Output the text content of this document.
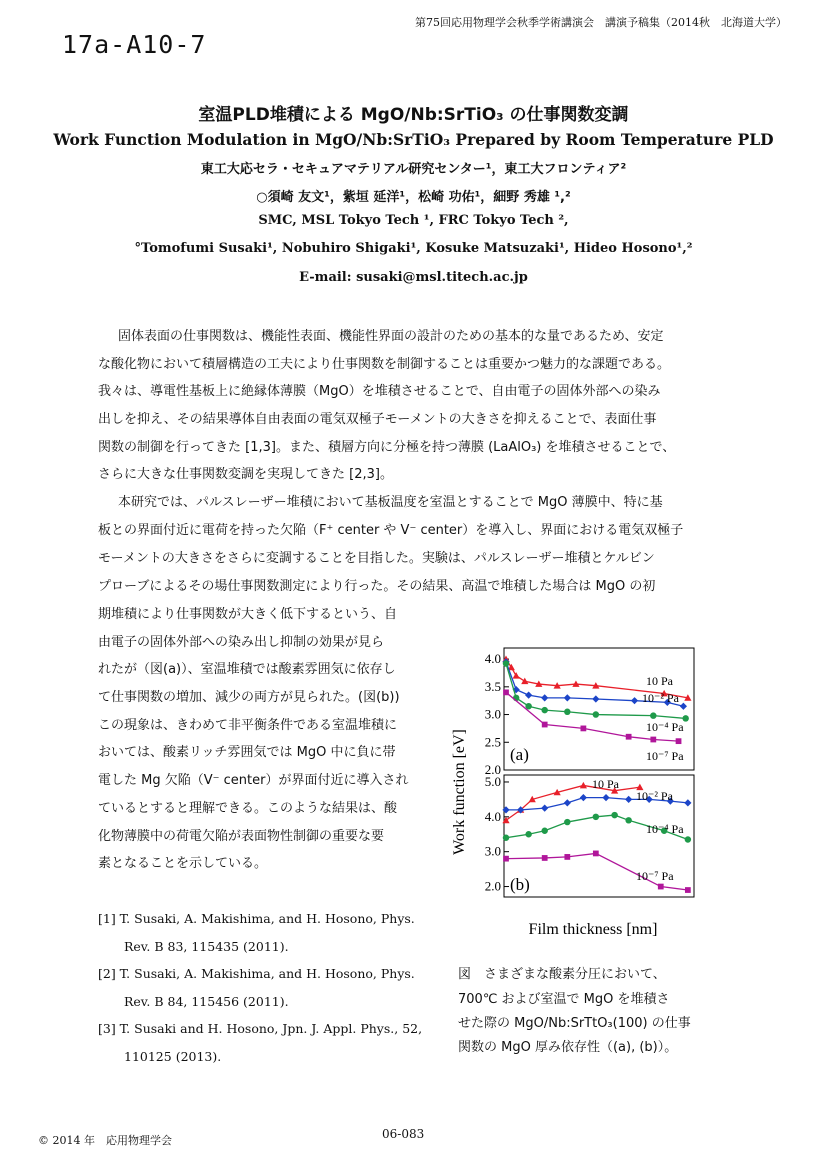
第75回応用物理学会秋季学術講演会　講演予稿集（2014秋　北海道大学）
17a-A10-7
室温PLD堆積による MgO/Nb:SrTiO₃ の仕事関数変調
Work Function Modulation in MgO/Nb:SrTiO₃ Prepared by Room Temperature PLD
東工大応セラ・セキュアマテリアル研究センター¹，東工大フロンティア²
○須崎 友文¹，紫垣 延洋¹，松崎 功佑¹，細野 秀雄 ¹,²
SMC, MSL Tokyo Tech ¹, FRC Tokyo Tech ²,
°Tomofumi Susaki¹, Nobuhiro Shigaki¹, Kosuke Matsuzaki¹, Hideo Hosono¹,²
E-mail: susaki@msl.titech.ac.jp
固体表面の仕事関数は、機能性表面、機能性界面の設計のための基本的な量であるため、安定
な酸化物において積層構造の工夫により仕事関数を制御することは重要かつ魅力的な課題である。
我々は、導電性基板上に絶縁体薄膜（MgO）を堆積させることで、自由電子の固体外部への染み
出しを抑え、その結果導体自由表面の電気双極子モーメントの大きさを抑えることで、表面仕事
関数の制御を行ってきた [1,3]。また、積層方向に分極を持つ薄膜 (LaAlO₃) を堆積させることで、
さらに大きな仕事関数変調を実現してきた [2,3]。
本研究では、パルスレーザー堆積において基板温度を室温とすることで MgO 薄膜中、特に基
板との界面付近に電荷を持った欠陥（F⁺ center や V⁻ center）を導入し、界面における電気双極子
モーメントの大きさをさらに変調することを目指した。実験は、パルスレーザー堆積とケルビン
プローブによるその場仕事関数測定により行った。その結果、高温で堆積した場合は MgO の初
期堆積により仕事関数が大きく低下するという、自
由電子の固体外部への染み出し抑制の効果が見ら
れたが（図(a)）、室温堆積では酸素雰囲気に依存し
て仕事関数の増加、減少の両方が見られた。(図(b))
この現象は、きわめて非平衡条件である室温堆積に
おいては、酸素リッチ雰囲気では MgO 中に負に帯
電した Mg 欠陥（V⁻ center）が界面付近に導入され
ているとすると理解できる。このような結果は、酸
化物薄膜中の荷電欠陥が表面物性制御の重要な要
素となることを示している。
[1] T. Susaki, A. Makishima, and H. Hosono, Phys.
Rev. B 83, 115435 (2011).
[2] T. Susaki, A. Makishima, and H. Hosono, Phys.
Rev. B 84, 115456 (2011).
[3] T. Susaki and H. Hosono, Jpn. J. Appl. Phys., 52,
110125 (2013).
2.0
2.5
3.0
3.5
4.0
10 Pa
10⁻² Pa
10⁻⁴ Pa
10⁻⁷ Pa
(a)
2.0
3.0
4.0
5.0	10 Pa
10⁻² Pa
10⁻⁴ Pa
10⁻⁷ Pa
(b)
Work function [eV]
Film thickness [nm]
図　さまざまな酸素分圧において、
700℃ および室温で MgO を堆積さ
せた際の MgO/Nb:SrTtO₃(100) の仕事
関数の MgO 厚み依存性（(a), (b)）。
© 2014 年　応用物理学会	06-083
